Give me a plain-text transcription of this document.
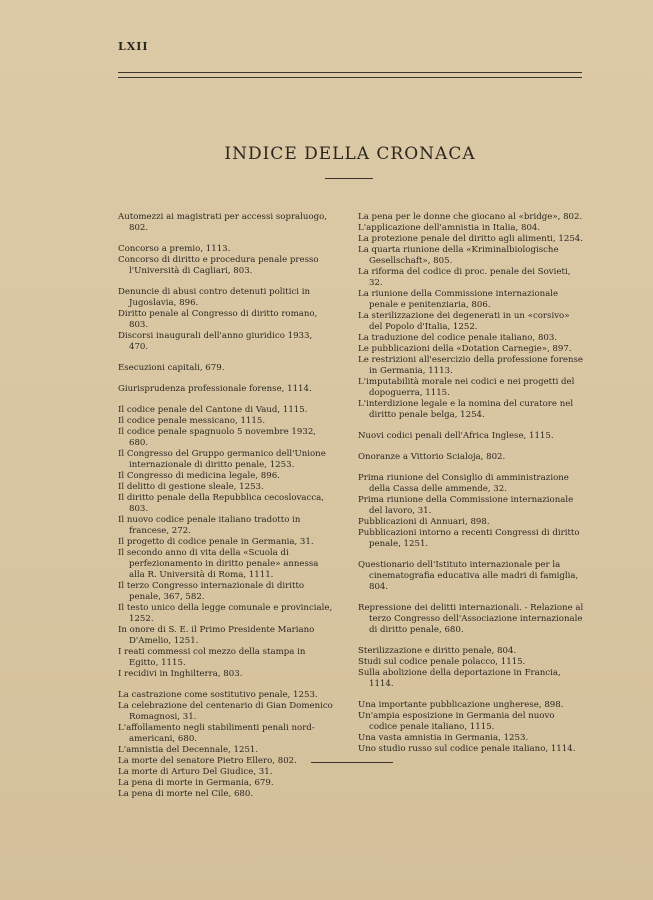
LXII
INDICE DELLA CRONACA
Automezzi ai magistrati per accessi sopraluogo, 802.
Concorso a premio, 1113.
Concorso di diritto e procedura penale presso l'Università di Cagliari, 803.
Denuncie di abusi contro detenuti politici in Jugoslavia, 896.
Diritto penale al Congresso di diritto romano, 803.
Discorsi inaugurali dell'anno giuridico 1933, 470.
Esecuzioni capitali, 679.
Giurisprudenza professionale forense, 1114.
Il codice penale del Cantone di Vaud, 1115.
Il codice penale messicano, 1115.
Il codice penale spagnuolo 5 novembre 1932, 680.
Il Congresso del Gruppo germanico dell'Unione internazionale di diritto penale, 1253.
Il Congresso di medicina legale, 896.
Il delitto di gestione sleale, 1253.
Il diritto penale della Repubblica cecoslovacca, 803.
Il nuovo codice penale italiano tradotto in francese, 272.
Il progetto di codice penale in Germania, 31.
Il secondo anno di vita della «Scuola di perfezionamento in diritto penale» annessa alla R. Università di Roma, 1111.
Il terzo Congresso internazionale di diritto penale, 367, 582.
Il testo unico della legge comunale e provinciale, 1252.
In onore di S. E. il Primo Presidente Mariano D'Amelio, 1251.
I reati commessi col mezzo della stampa in Egitto, 1115.
I recidivi in Inghilterra, 803.
La castrazione come sostitutivo penale, 1253.
La celebrazione del centenario di Gian Domenico Romagnosi, 31.
L'affollamento negli stabilimenti penali nord-americani, 680.
L'amnistia del Decennale, 1251.
La morte del senatore Pietro Ellero, 802.
La morte di Arturo Del Giudice, 31.
La pena di morte in Germania, 679.
La pena di morte nel Cile, 680.
La pena per le donne che giocano al «bridge», 802.
L'applicazione dell'amnistia in Italia, 804.
La protezione penale del diritto agli alimenti, 1254.
La quarta riunione della «Kriminalbiologische Gesellschaft», 805.
La riforma del codice di proc. penale dei Sovieti, 32.
La riunione della Commissione internazionale penale e penitenziaria, 806.
La sterilizzazione dei degenerati in un «corsivo» del Popolo d'Italia, 1252.
La traduzione del codice penale italiano, 803.
Le pubblicazioni della «Dotation Carnegie», 897.
Le restrizioni all'esercizio della professione forense in Germania, 1113.
L'imputabilità morale nei codici e nei progetti del dopoguerra, 1115.
L'interdizione legale e la nomina del curatore nel diritto penale belga, 1254.
Nuovi codici penali dell'Africa Inglese, 1115.
Onoranze a Vittorio Scialoja, 802.
Prima riunione del Consiglio di amministrazione della Cassa delle ammende, 32.
Prima riunione della Commissione internazionale del lavoro, 31.
Pubblicazioni di Annuari, 898.
Pubblicazioni intorno a recenti Congressi di diritto penale, 1251.
Questionario dell'Istituto internazionale per la cinematografia educativa alle madri di famiglia, 804.
Repressione dei delitti internazionali. - Relazione al terzo Congresso dell'Associazione internazionale di diritto penale, 680.
Sterilizzazione e diritto penale, 804.
Studi sul codice penale polacco, 1115.
Sulla abolizione della deportazione in Francia, 1114.
Una importante pubblicazione ungherese, 898.
Un'ampia esposizione in Germania del nuovo codice penale italiano, 1115.
Una vasta amnistia in Germania, 1253.
Uno studio russo sul codice penale italiano, 1114.
